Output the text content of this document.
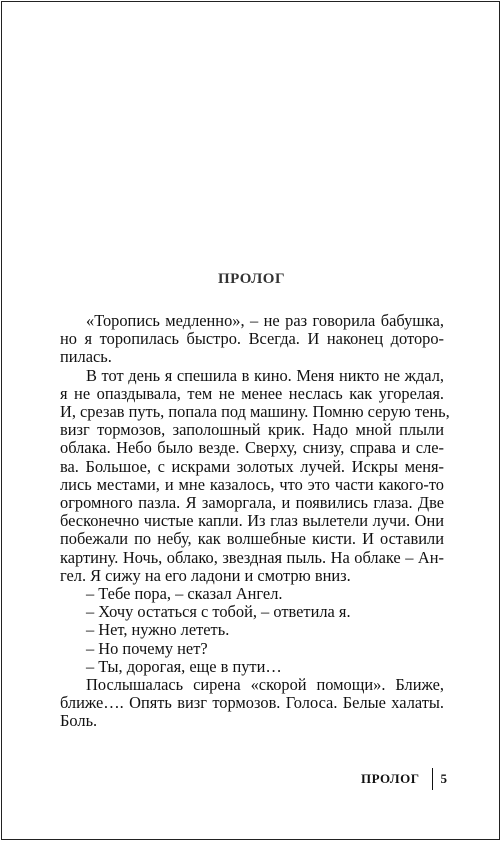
ПРОЛОГ
«Торопись медленно», – не раз говорила бабушка,
но я торопилась быстро. Всегда. И наконец доторо-
пилась.
В тот день я спешила в кино. Меня никто не ждал,
я не опаздывала, тем не менее неслась как угорелая.
И, срезав путь, попала под машину. Помню серую тень,
визг тормозов, заполошный крик. Надо мной плыли
облака. Небо было везде. Сверху, снизу, справа и сле-
ва. Большое, с искрами золотых лучей. Искры меня-
лись местами, и мне казалось, что это части какого-то
огромного пазла. Я заморгала, и появились глаза. Две
бесконечно чистые капли. Из глаз вылетели лучи. Они
побежали по небу, как волшебные кисти. И оставили
картину. Ночь, облако, звездная пыль. На облаке – Ан-
гел. Я сижу на его ладони и смотрю вниз.
– Тебе пора, – сказал Ангел.
– Хочу остаться с тобой, – ответила я.
– Нет, нужно лететь.
– Но почему нет?
– Ты, дорогая, еще в пути…
Послышалась сирена «скорой помощи». Ближе,
ближе…. Опять визг тормозов. Голоса. Белые халаты.
Боль.
ПРОЛОГ 5
